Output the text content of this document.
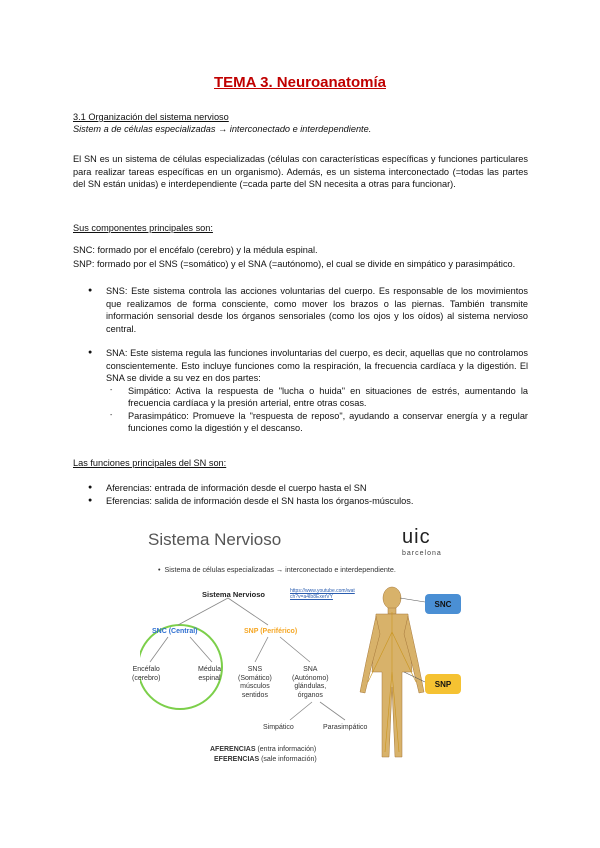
TEMA 3. Neuroanatomía
3.1 Organización del sistema nervioso
Sistem a de células especializadas → interconectado e interdependiente.
El SN es un sistema de células especializadas (células con características específicas y funciones particulares para realizar tareas específicas en un organismo). Además, es un sistema interconectado (=todas las partes del SN están unidas) e interdependiente (=cada parte del SN necesita a otras para funcionar).
Sus componentes principales son:
SNC: formado por el encéfalo (cerebro) y la médula espinal.
SNP: formado por el SNS (=somático) y el SNA (=autónomo), el cual se divide en simpático y parasimpático.
● SNS: Este sistema controla las acciones voluntarias del cuerpo. Es responsable de los movimientos que realizamos de forma consciente, como mover los brazos o las piernas. También transmite información sensorial desde los órganos sensoriales (como los ojos y los oídos) al sistema nervioso central.
● SNA: Este sistema regula las funciones involuntarias del cuerpo, es decir, aquellas que no controlamos conscientemente. Esto incluye funciones como la respiración, la frecuencia cardíaca y la digestión. El SNA se divide a su vez en dos partes:
- Simpático: Activa la respuesta de "lucha o huida" en situaciones de estrés, aumentando la frecuencia cardíaca y la presión arterial, entre otras cosas.
- Parasimpático: Promueve la "respuesta de reposo", ayudando a conservar energía y a regular funciones como la digestión y el descanso.
Las funciones principales del SN son:
● Aferencias: entrada de información desde el cuerpo hasta el SN
● Eferencias: salida de información desde el SN hasta los órganos-músculos.
Sistema Nervioso	uic
barcelona
•  Sistema de células especializadas → interconectado e interdependiente.
Sistema Nervioso	https://www.youtube.com/wat
ch?v=a4Ib8ExerVY
SNC (Central)	SNP (Periférico)
Encéfalo
(cerebro)
Médula
espinal
SNS
(Somático)
músculos
sentidos
SNA
(Autónomo)
glándulas,
órganos
Simpático	Parasimpático
AFERENCIAS (entra información)
EFERENCIAS (sale información)
SNC
SNP
